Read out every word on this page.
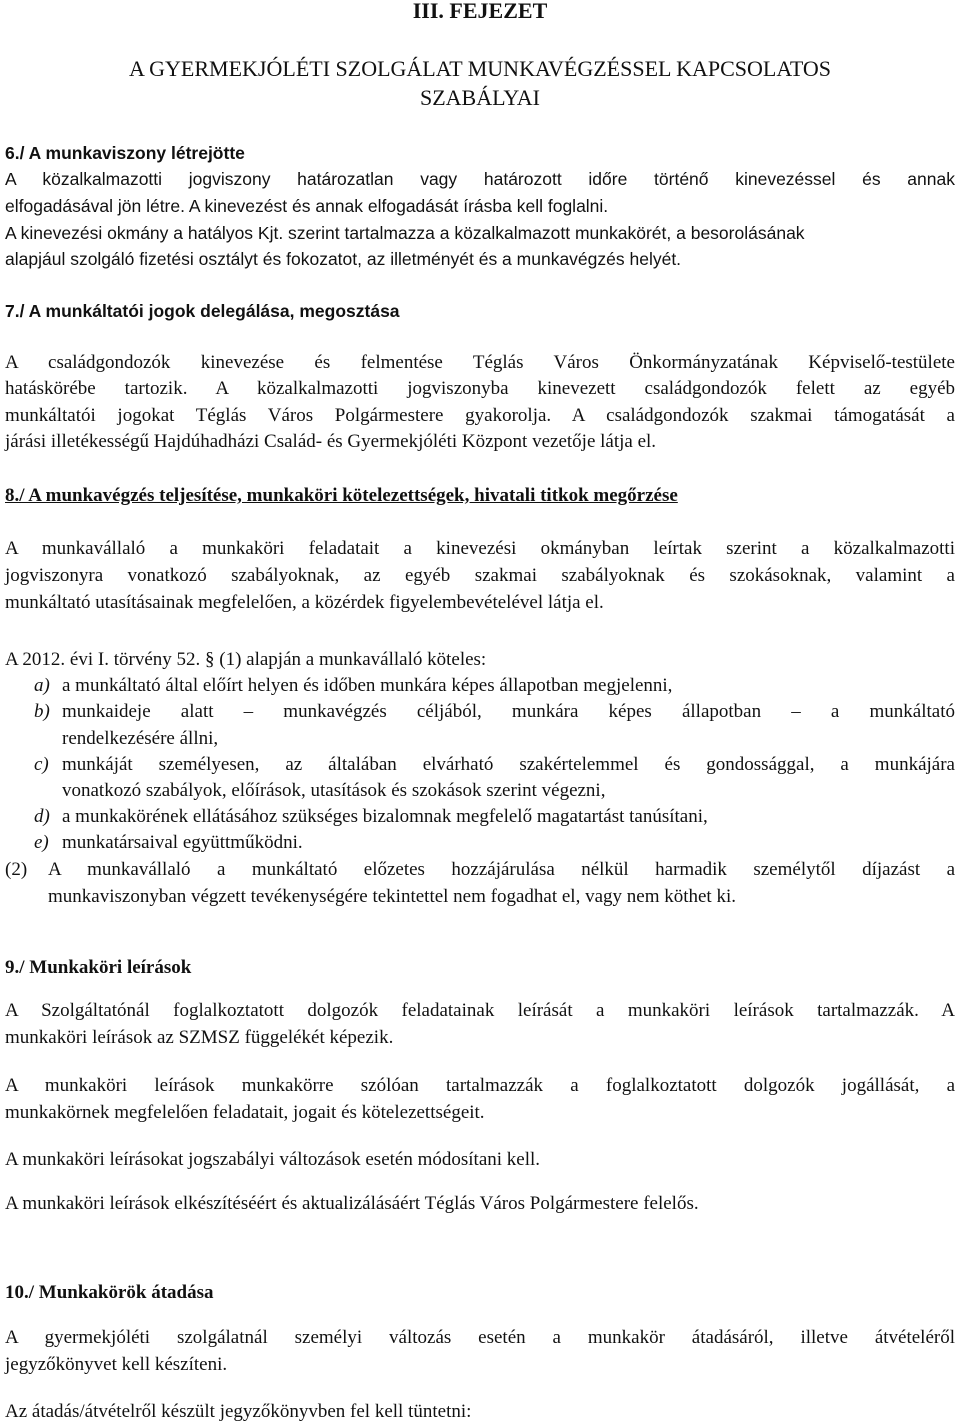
III. FEJEZET
A GYERMEKJÓLÉTI SZOLGÁLAT MUNKAVÉGZÉSSEL KAPCSOLATOS
SZABÁLYAI
6./ A munkaviszony létrejötte
A közalkalmazotti jogviszony határozatlan vagy határozott időre történő kinevezéssel és annak
elfogadásával jön létre. A kinevezést és annak elfogadását írásba kell foglalni.
A kinevezési okmány a hatályos Kjt. szerint tartalmazza a közalkalmazott munkakörét, a besorolásának
alapjául szolgáló fizetési osztályt és fokozatot, az illetményét és a munkavégzés helyét.
7./ A munkáltatói jogok delegálása, megosztása
A családgondozók kinevezése és felmentése Téglás Város Önkormányzatának Képviselő-testülete
hatáskörébe tartozik. A közalkalmazotti jogviszonyba kinevezett családgondozók felett az egyéb
munkáltatói jogokat Téglás Város Polgármestere gyakorolja. A családgondozók szakmai támogatását a
járási illetékességű Hajdúhadházi Család- és Gyermekjóléti Központ vezetője látja el.
8./ A munkavégzés teljesítése, munkaköri kötelezettségek, hivatali titkok megőrzése
A munkavállaló a munkaköri feladatait a kinevezési okmányban leírtak szerint a közalkalmazotti
jogviszonyra vonatkozó szabályoknak, az egyéb szakmai szabályoknak és szokásoknak, valamint a
munkáltató utasításainak megfelelően, a közérdek figyelembevételével látja el.
A 2012. évi I. törvény 52. § (1) alapján a munkavállaló köteles:
a) a munkáltató által előírt helyen és időben munkára képes állapotban megjelenni,
b) munkaideje alatt – munkavégzés céljából, munkára képes állapotban – a munkáltató
rendelkezésére állni,
c) munkáját személyesen, az általában elvárható szakértelemmel és gondossággal, a munkájára
vonatkozó szabályok, előírások, utasítások és szokások szerint végezni,
d) a munkakörének ellátásához szükséges bizalomnak megfelelő magatartást tanúsítani,
e) munkatársaival együttműködni.
(2) A munkavállaló a munkáltató előzetes hozzájárulása nélkül harmadik személytől díjazást a
munkaviszonyban végzett tevékenységére tekintettel nem fogadhat el, vagy nem köthet ki.
9./ Munkaköri leírások
A Szolgáltatónál foglalkoztatott dolgozók feladatainak leírását a munkaköri leírások tartalmazzák. A
munkaköri leírások az SZMSZ függelékét képezik.
A munkaköri leírások munkakörre szólóan tartalmazzák a foglalkoztatott dolgozók jogállását, a
munkakörnek megfelelően feladatait, jogait és kötelezettségeit.
A munkaköri leírásokat jogszabályi változások esetén módosítani kell.
A munkaköri leírások elkészítéséért és aktualizálásáért Téglás Város Polgármestere felelős.
10./ Munkakörök átadása
A gyermekjóléti szolgálatnál személyi változás esetén a munkakör átadásáról, illetve átvételéről
jegyzőkönyvet kell készíteni.
Az átadás/átvételről készült jegyzőkönyvben fel kell tüntetni:
